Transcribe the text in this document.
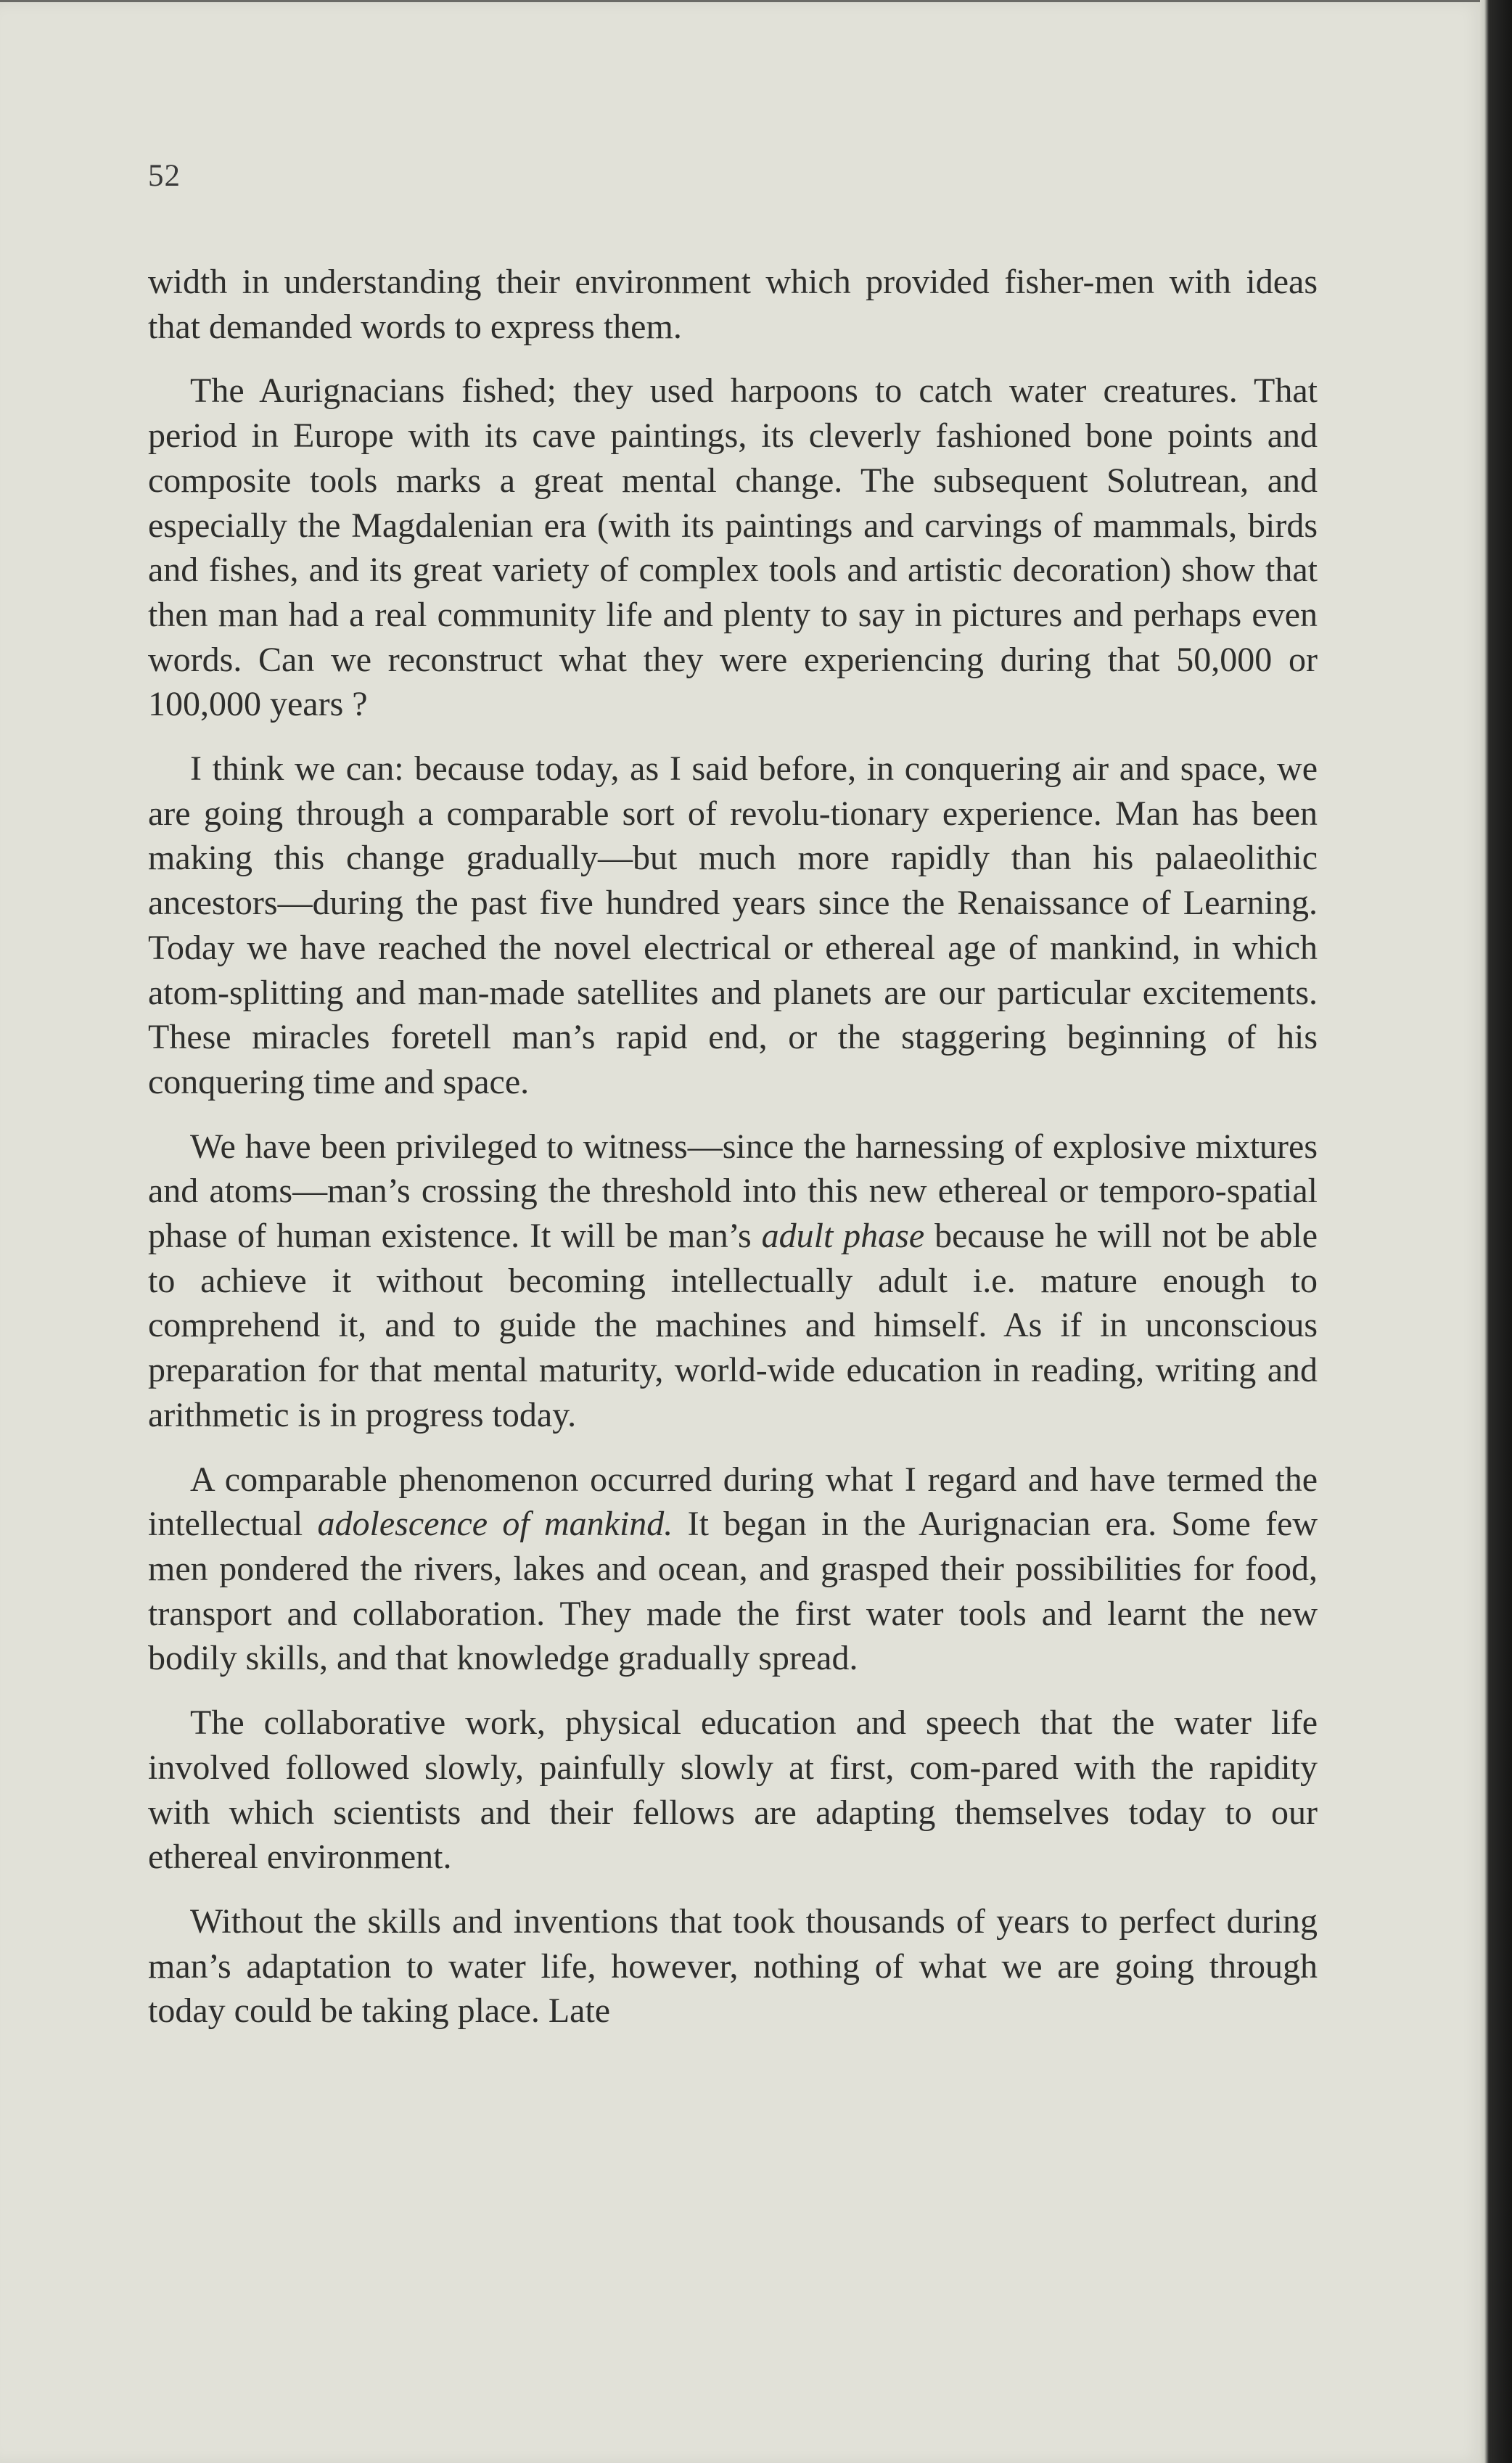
52

width in understanding their environment which provided fisher-men with ideas that demanded words to express them.

The Aurignacians fished; they used harpoons to catch water creatures. That period in Europe with its cave paintings, its cleverly fashioned bone points and composite tools marks a great mental change. The subsequent Solutrean, and especially the Magdalenian era (with its paintings and carvings of mammals, birds and fishes, and its great variety of complex tools and artistic decoration) show that then man had a real community life and plenty to say in pictures and perhaps even words. Can we reconstruct what they were experiencing during that 50,000 or 100,000 years ?

I think we can: because today, as I said before, in conquering air and space, we are going through a comparable sort of revolu-tionary experience. Man has been making this change gradually—but much more rapidly than his palaeolithic ancestors—during the past five hundred years since the Renaissance of Learning. Today we have reached the novel electrical or ethereal age of mankind, in which atom-splitting and man-made satellites and planets are our particular excitements. These miracles foretell man’s rapid end, or the staggering beginning of his conquering time and space.

We have been privileged to witness—since the harnessing of explosive mixtures and atoms—man’s crossing the threshold into this new ethereal or temporo-spatial phase of human existence. It will be man’s adult phase because he will not be able to achieve it without becoming intellectually adult i.e. mature enough to comprehend it, and to guide the machines and himself. As if in unconscious preparation for that mental maturity, world-wide education in reading, writing and arithmetic is in progress today.

A comparable phenomenon occurred during what I regard and have termed the intellectual adolescence of mankind. It began in the Aurignacian era. Some few men pondered the rivers, lakes and ocean, and grasped their possibilities for food, transport and collaboration. They made the first water tools and learnt the new bodily skills, and that knowledge gradually spread.

The collaborative work, physical education and speech that the water life involved followed slowly, painfully slowly at first, com-pared with the rapidity with which scientists and their fellows are adapting themselves today to our ethereal environment.

Without the skills and inventions that took thousands of years to perfect during man’s adaptation to water life, however, nothing of what we are going through today could be taking place. Late
